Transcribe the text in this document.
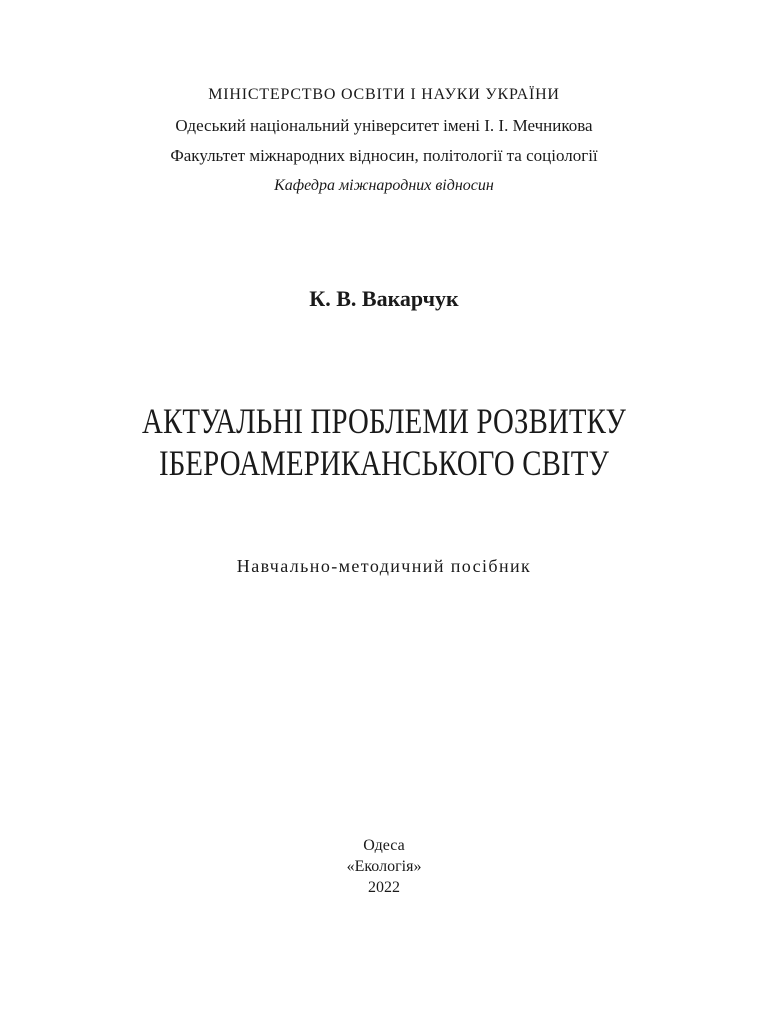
МІНІСТЕРСТВО ОСВІТИ І НАУКИ УКРАЇНИ
Одеський національний університет імені І. І. Мечникова
Факультет міжнародних відносин, політології та соціології
Кафедра міжнародних відносин
К. В. Вакарчук
АКТУАЛЬНІ ПРОБЛЕМИ РОЗВИТКУ
ІБЕРОАМЕРИКАНСЬКОГО СВІТУ
Навчально-методичний посібник
Одеса
«Екологія»
2022
